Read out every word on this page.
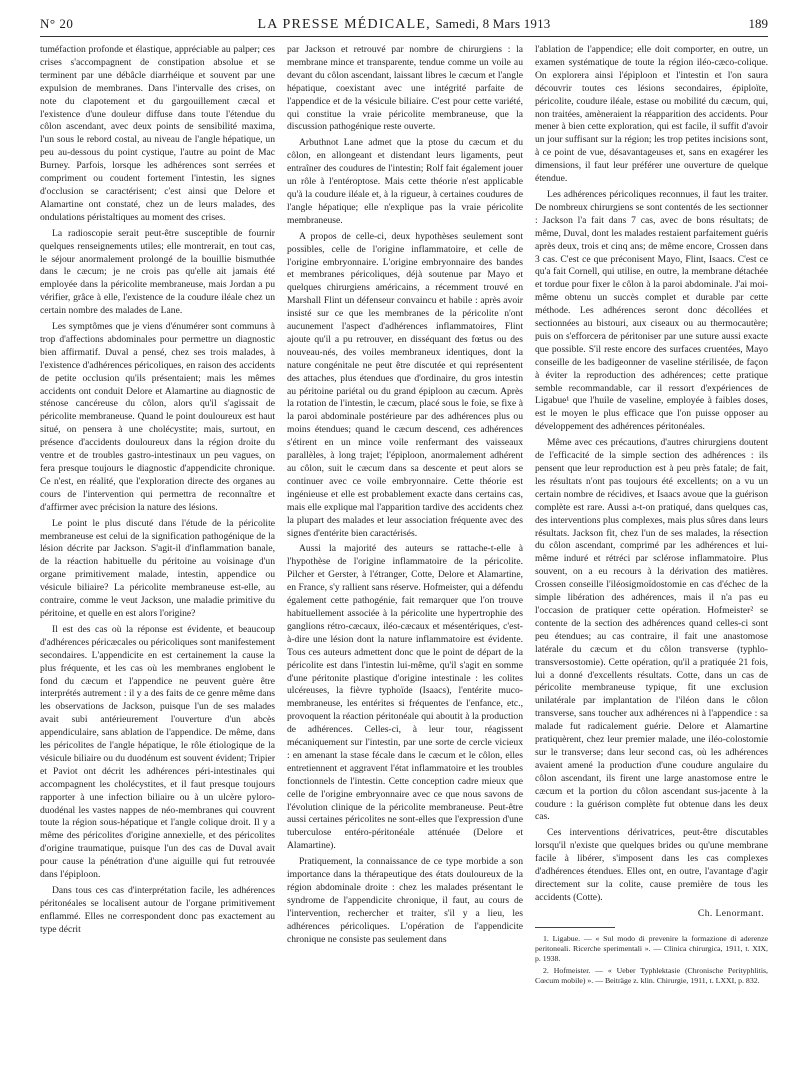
N° 20	LA PRESSE MÉDICALE, Samedi, 8 Mars 1913	189

tuméfaction profonde et élastique, appréciable au palper; ces crises s'accompagnent de constipation absolue et se terminent par une débâcle diarrhéique et souvent par une expulsion de membranes. Dans l'intervalle des crises, on note du clapotement et du gargouillement cæcal et l'existence d'une douleur diffuse dans toute l'étendue du côlon ascendant, avec deux points de sensibilité maxima, l'un sous le rebord costal, au niveau de l'angle hépatique, un peu au-dessous du point cystique, l'autre au point de Mac Burney. Parfois, lorsque les adhérences sont serrées et compriment ou coudent fortement l'intestin, les signes d'occlusion se caractérisent; c'est ainsi que Delore et Alamartine ont constaté, chez un de leurs malades, des ondulations péristaltiques au moment des crises.

La radioscopie serait peut-être susceptible de fournir quelques renseignements utiles; elle montrerait, en tout cas, le séjour anormalement prolongé de la bouillie bismuthée dans le cæcum; je ne crois pas qu'elle ait jamais été employée dans la péricolite membraneuse, mais Jordan a pu vérifier, grâce à elle, l'existence de la coudure iléale chez un certain nombre des malades de Lane.

Les symptômes que je viens d'énumérer sont communs à trop d'affections abdominales pour permettre un diagnostic bien affirmatif. Duval a pensé, chez ses trois malades, à l'existence d'adhérences péricoliques, en raison des accidents de petite occlusion qu'ils présentaient; mais les mêmes accidents ont conduit Delore et Alamartine au diagnostic de sténose cancéreuse du côlon, alors qu'il s'agissait de péricolite membraneuse. Quand le point douloureux est haut situé, on pensera à une cholécystite; mais, surtout, en présence d'accidents douloureux dans la région droite du ventre et de troubles gastro-intestinaux un peu vagues, on fera presque toujours le diagnostic d'appendicite chronique. Ce n'est, en réalité, que l'exploration directe des organes au cours de l'intervention qui permettra de reconnaître et d'affirmer avec précision la nature des lésions.

Le point le plus discuté dans l'étude de la péricolite membraneuse est celui de la signification pathogénique de la lésion décrite par Jackson. S'agit-il d'inflammation banale, de la réaction habituelle du péritoine au voisinage d'un organe primitivement malade, intestin, appendice ou vésicule biliaire? La péricolite membraneuse est-elle, au contraire, comme le veut Jackson, une maladie primitive du péritoine, et quelle en est alors l'origine?

Il est des cas où la réponse est évidente, et beaucoup d'adhérences péricæcales ou péricoliques sont manifestement secondaires. L'appendicite en est certainement la cause la plus fréquente, et les cas où les membranes englobent le fond du cæcum et l'appendice ne peuvent guère être interprétés autrement : il y a des faits de ce genre même dans les observations de Jackson, puisque l'un de ses malades avait subi antérieurement l'ouverture d'un abcès appendiculaire, sans ablation de l'appendice. De même, dans les péricolites de l'angle hépatique, le rôle étiologique de la vésicule biliaire ou du duodénum est souvent évident; Tripier et Paviot ont décrit les adhérences péri-intestinales qui accompagnent les cholécystites, et il faut presque toujours rapporter à une infection biliaire ou à un ulcère pyloro-duodénal les vastes nappes de néo-membranes qui couvrent toute la région sous-hépatique et l'angle colique droit. Il y a même des péricolites d'origine annexielle, et des péricolites d'origine traumatique, puisque l'un des cas de Duval avait pour cause la pénétration d'une aiguille qui fut retrouvée dans l'épiploon.

Dans tous ces cas d'interprétation facile, les adhérences péritonéales se localisent autour de l'organe primitivement enflammé. Elles ne correspondent donc pas exactement au type décrit

par Jackson et retrouvé par nombre de chirurgiens : la membrane mince et transparente, tendue comme un voile au devant du côlon ascendant, laissant libres le cæcum et l'angle hépatique, coexistant avec une intégrité parfaite de l'appendice et de la vésicule biliaire. C'est pour cette variété, qui constitue la vraie péricolite membraneuse, que la discussion pathogénique reste ouverte.

Arbuthnot Lane admet que la ptose du cæcum et du côlon, en allongeant et distendant leurs ligaments, peut entraîner des coudures de l'intestin; Rolf fait également jouer un rôle à l'entéroptose. Mais cette théorie n'est applicable qu'à la coudure iléale et, à la rigueur, à certaines coudures de l'angle hépatique; elle n'explique pas la vraie péricolite membraneuse.

A propos de celle-ci, deux hypothèses seulement sont possibles, celle de l'origine inflammatoire, et celle de l'origine embryonnaire. L'origine embryonnaire des bandes et membranes péricoliques, déjà soutenue par Mayo et quelques chirurgiens américains, a récemment trouvé en Marshall Flint un défenseur convaincu et habile : après avoir insisté sur ce que les membranes de la péricolite n'ont aucunement l'aspect d'adhérences inflammatoires, Flint ajoute qu'il a pu retrouver, en disséquant des fœtus ou des nouveau-nés, des voiles membraneux identiques, dont la nature congénitale ne peut être discutée et qui représentent des attaches, plus étendues que d'ordinaire, du gros intestin au péritoine pariétal ou du grand épiploon au cæcum. Après la rotation de l'intestin, le cæcum, placé sous le foie, se fixe à la paroi abdominale postérieure par des adhérences plus ou moins étendues; quand le cæcum descend, ces adhérences s'étirent en un mince voile renfermant des vaisseaux parallèles, à long trajet; l'épiploon, anormalement adhérent au côlon, suit le cæcum dans sa descente et peut alors se continuer avec ce voile embryonnaire. Cette théorie est ingénieuse et elle est probablement exacte dans certains cas, mais elle explique mal l'apparition tardive des accidents chez la plupart des malades et leur association fréquente avec des signes d'entérite bien caractérisés.

Aussi la majorité des auteurs se rattache-t-elle à l'hypothèse de l'origine inflammatoire de la péricolite. Pilcher et Gerster, à l'étranger, Cotte, Delore et Alamartine, en France, s'y rallient sans réserve. Hofmeister, qui a défendu également cette pathogénie, fait remarquer que l'on trouve habituellement associée à la péricolite une hypertrophie des ganglions rétro-cæcaux, iléo-cæcaux et mésentériques, c'est-à-dire une lésion dont la nature inflammatoire est évidente. Tous ces auteurs admettent donc que le point de départ de la péricolite est dans l'intestin lui-même, qu'il s'agit en somme d'une péritonite plastique d'origine intestinale : les colites ulcéreuses, la fièvre typhoïde (Isaacs), l'entérite muco-membraneuse, les entérites si fréquentes de l'enfance, etc., provoquent la réaction péritonéale qui aboutit à la production de adhérences. Celles-ci, à leur tour, réagissent mécaniquement sur l'intestin, par une sorte de cercle vicieux : en amenant la stase fécale dans le cæcum et le côlon, elles entretiennent et aggravent l'état inflammatoire et les troubles fonctionnels de l'intestin. Cette conception cadre mieux que celle de l'origine embryonnaire avec ce que nous savons de l'évolution clinique de la péricolite membraneuse. Peut-être aussi certaines péricolites ne sont-elles que l'expression d'une tuberculose entéro-péritonéale atténuée (Delore et Alamartine).

Pratiquement, la connaissance de ce type morbide a son importance dans la thérapeutique des états douloureux de la région abdominale droite : chez les malades présentant le syndrome de l'appendicite chronique, il faut, au cours de l'intervention, rechercher et traiter, s'il y a lieu, les adhérences péricoliques. L'opération de l'appendicite chronique ne consiste pas seulement dans

l'ablation de l'appendice; elle doit comporter, en outre, un examen systématique de toute la région iléo-cæco-colique. On explorera ainsi l'épiploon et l'intestin et l'on saura découvrir toutes ces lésions secondaires, épiploïte, péricolite, coudure iléale, estase ou mobilité du cæcum, qui, non traitées, amèneraient la réapparition des accidents. Pour mener à bien cette exploration, qui est facile, il suffit d'avoir un jour suffisant sur la région; les trop petites incisions sont, à ce point de vue, désavantageuses et, sans en exagérer les dimensions, il faut leur préférer une ouverture de quelque étendue.

Les adhérences péricoliques reconnues, il faut les traiter. De nombreux chirurgiens se sont contentés de les sectionner : Jackson l'a fait dans 7 cas, avec de bons résultats; de même, Duval, dont les malades restaient parfaitement guéris après deux, trois et cinq ans; de même encore, Crossen dans 3 cas. C'est ce que préconisent Mayo, Flint, Isaacs. C'est ce qu'a fait Cornell, qui utilise, en outre, la membrane détachée et tordue pour fixer le côlon à la paroi abdominale. J'ai moi-même obtenu un succès complet et durable par cette méthode. Les adhérences seront donc décollées et sectionnées au bistouri, aux ciseaux ou au thermocautère; puis on s'efforcera de péritoniser par une suture aussi exacte que possible. S'il reste encore des surfaces cruentées, Mayo conseille de les badigeonner de vaseline stérilisée, de façon à éviter la reproduction des adhérences; cette pratique semble recommandable, car il ressort d'expériences de Ligabue¹ que l'huile de vaseline, employée à faibles doses, est le moyen le plus efficace que l'on puisse opposer au développement des adhérences péritonéales.

Même avec ces précautions, d'autres chirurgiens doutent de l'efficacité de la simple section des adhérences : ils pensent que leur reproduction est à peu près fatale; de fait, les résultats n'ont pas toujours été excellents; on a vu un certain nombre de récidives, et Isaacs avoue que la guérison complète est rare. Aussi a-t-on pratiqué, dans quelques cas, des interventions plus complexes, mais plus sûres dans leurs résultats. Jackson fit, chez l'un de ses malades, la résection du côlon ascendant, comprimé par les adhérences et lui-même induré et rétréci par sclérose inflammatoire. Plus souvent, on a eu recours à la dérivation des matières. Crossen conseille l'iléosigmoïdostomie en cas d'échec de la simple libération des adhérences, mais il n'a pas eu l'occasion de pratiquer cette opération. Hofmeister² se contente de la section des adhérences quand celles-ci sont peu étendues; au cas contraire, il fait une anastomose latérale du cæcum et du côlon transverse (typhlo-transversostomie). Cette opération, qu'il a pratiquée 21 fois, lui a donné d'excellents résultats. Cotte, dans un cas de péricolite membraneuse typique, fit une exclusion unilatérale par implantation de l'iléon dans le côlon transverse, sans toucher aux adhérences ni à l'appendice : sa malade fut radicalement guérie. Delore et Alamartine pratiquèrent, chez leur premier malade, une iléo-colostomie sur le transverse; dans leur second cas, où les adhérences avaient amené la production d'une coudure angulaire du côlon ascendant, ils firent une large anastomose entre le cæcum et la portion du côlon ascendant sus-jacente à la coudure : la guérison complète fut obtenue dans les deux cas.

Ces interventions dérivatrices, peut-être discutables lorsqu'il n'existe que quelques brides ou qu'une membrane facile à libérer, s'imposent dans les cas complexes d'adhérences étendues. Elles ont, en outre, l'avantage d'agir directement sur la colite, cause première de tous les accidents (Cotte).

Ch. Lenormant.

1. Ligabue. — « Sul modo di prevenire la formazione di aderenze peritoneali. Ricerche sperimentali ». — Clinica chirurgica, 1911, t. XIX, p. 1938.

2. Hofmeister. — « Ueber Typhlektasie (Chronische Perityphlitis, Cœcum mobile) ». — Beiträge z. klin. Chirurgie, 1911, t. LXXI, p. 832.
